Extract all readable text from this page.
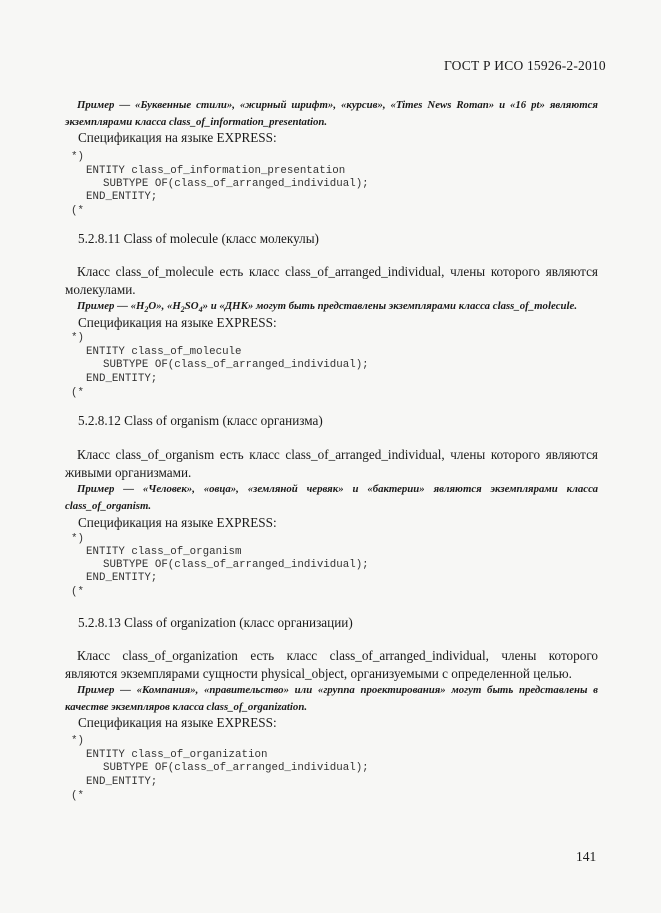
ГОСТ Р ИСО 15926-2-2010
Пример — «Буквенные стили», «жирный шрифт», «курсив», «Times News Roman» и «16 pt» являются экземплярами класса class_of_information_presentation.
Спецификация на языке EXPRESS:

*)

ENTITY class_of_information_presentation

SUBTYPE OF(class_of_arranged_individual);

END_ENTITY;

(*

5.2.8.11 Class of molecule (класс молекулы)
Класс class_of_molecule есть класс class_of_arranged_individual, члены которого являются молекулами.
Пример — «$H_2O$», «$H_2SO_4$» и «ДНК» могут быть представлены экземплярами класса class_of_molecule.
Спецификация на языке EXPRESS:

*)

ENTITY class_of_molecule

SUBTYPE OF(class_of_arranged_individual);

END_ENTITY;

(*

5.2.8.12 Class of organism (класс организма)
Класс class_of_organism есть класс class_of_arranged_individual, члены которого являются живыми организмами.
Пример — «Человек», «овца», «земляной червяк» и «бактерии» являются экземплярами класса class_of_organism.
Спецификация на языке EXPRESS:

*)

ENTITY class_of_organism

SUBTYPE OF(class_of_arranged_individual);

END_ENTITY;

(*

5.2.8.13 Class of organization (класс организации)
Класс class_of_organization есть класс class_of_arranged_individual, члены которого являются экземплярами сущности physical_object, организуемыми с определенной целью.
Пример — «Компания», «правительство» или «группа проектирования» могут быть представлены в качестве экземпляров класса class_of_organization.
Спецификация на языке EXPRESS:

*)

ENTITY class_of_organization

SUBTYPE OF(class_of_arranged_individual);

END_ENTITY;

(*

141
